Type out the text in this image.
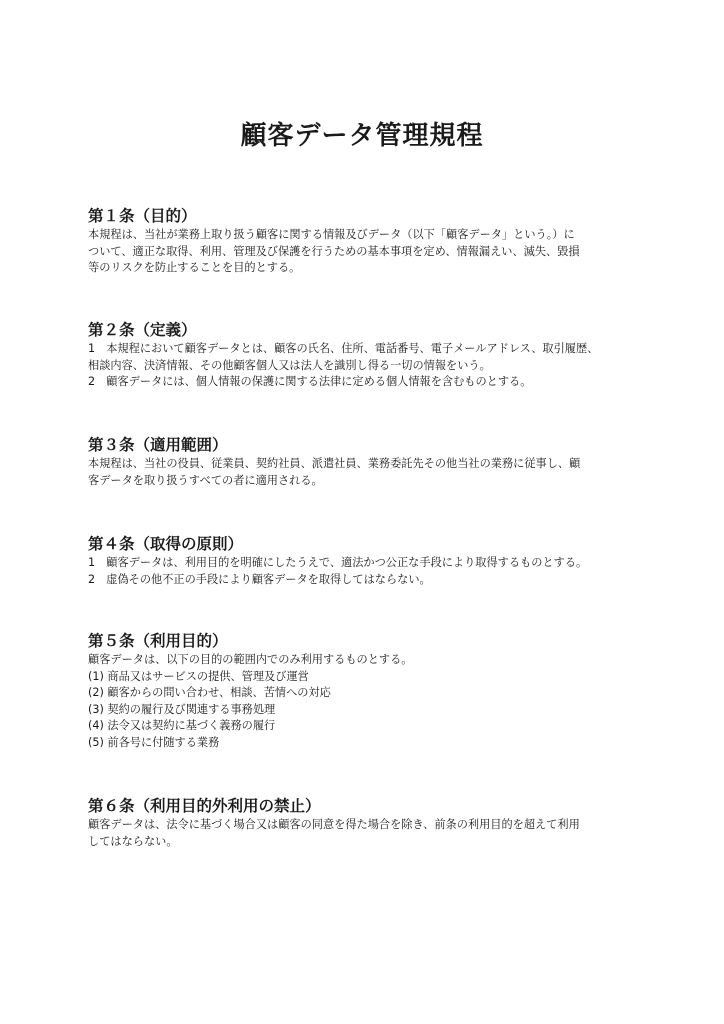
顧客データ管理規程
第１条（目的）

本規程は、当社が業務上取り扱う顧客に関する情報及びデータ（以下「顧客データ」という。）に
ついて、適正な取得、利用、管理及び保護を行うための基本事項を定め、情報漏えい、滅失、毀損
等のリスクを防止することを目的とする。

第２条（定義）

1　本規程において顧客データとは、顧客の氏名、住所、電話番号、電子メールアドレス、取引履歴、
相談内容、決済情報、その他顧客個人又は法人を識別し得る一切の情報をいう。
2　顧客データには、個人情報の保護に関する法律に定める個人情報を含むものとする。

第３条（適用範囲）

本規程は、当社の役員、従業員、契約社員、派遣社員、業務委託先その他当社の業務に従事し、顧
客データを取り扱うすべての者に適用される。

第４条（取得の原則）

1　顧客データは、利用目的を明確にしたうえで、適法かつ公正な手段により取得するものとする。
2　虚偽その他不正の手段により顧客データを取得してはならない。

第５条（利用目的）

顧客データは、以下の目的の範囲内でのみ利用するものとする。
(1) 商品又はサービスの提供、管理及び運営
(2) 顧客からの問い合わせ、相談、苦情への対応
(3) 契約の履行及び関連する事務処理
(4) 法令又は契約に基づく義務の履行
(5) 前各号に付随する業務

第６条（利用目的外利用の禁止）

顧客データは、法令に基づく場合又は顧客の同意を得た場合を除き、前条の利用目的を超えて利用
してはならない。
